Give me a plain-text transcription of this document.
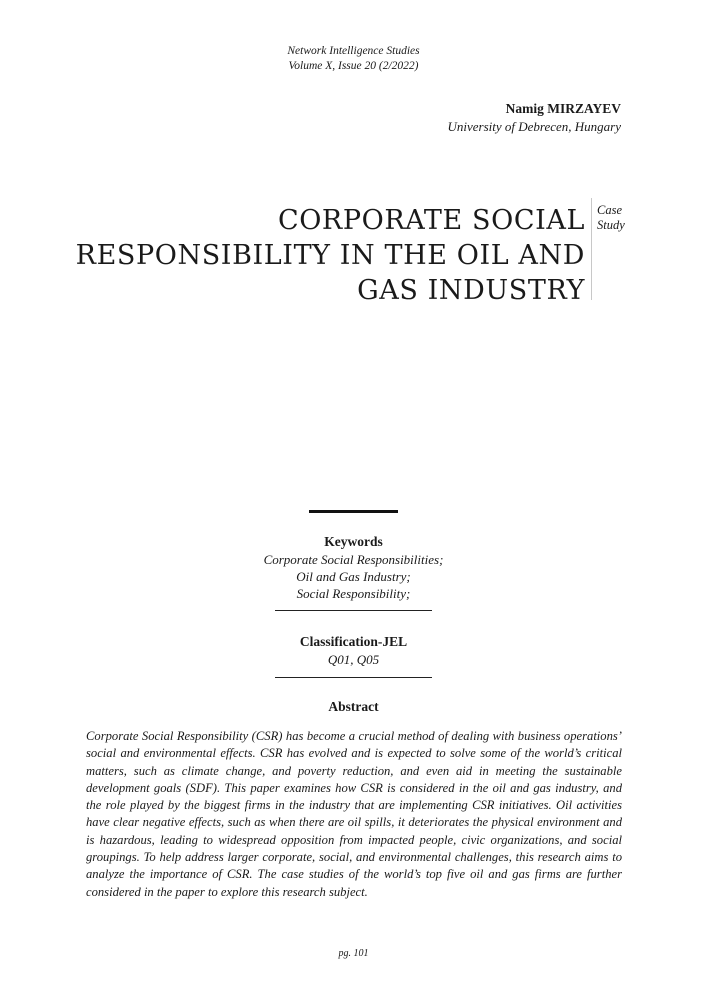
Network Intelligence Studies
Volume X, Issue 20 (2/2022)
Namig MIRZAYEV
University of Debrecen, Hungary
CORPORATE SOCIAL
RESPONSIBILITY IN THE OIL AND
GAS INDUSTRY
Case
Study
Keywords
Corporate Social Responsibilities;
Oil and Gas Industry;
Social Responsibility;
Classification-JEL
Q01, Q05
Abstract
Corporate Social Responsibility (CSR) has become a crucial method of dealing with business operations’ social and environmental effects. CSR has evolved and is expected to solve some of the world’s critical matters, such as climate change, and poverty reduction, and even aid in meeting the sustainable development goals (SDF). This paper examines how CSR is considered in the oil and gas industry, and the role played by the biggest firms in the industry that are implementing CSR initiatives. Oil activities have clear negative effects, such as when there are oil spills, it deteriorates the physical environment and is hazardous, leading to widespread opposition from impacted people, civic organizations, and social groupings. To help address larger corporate, social, and environmental challenges, this research aims to analyze the importance of CSR. The case studies of the world’s top five oil and gas firms are further considered in the paper to explore this research subject.
pg. 101
